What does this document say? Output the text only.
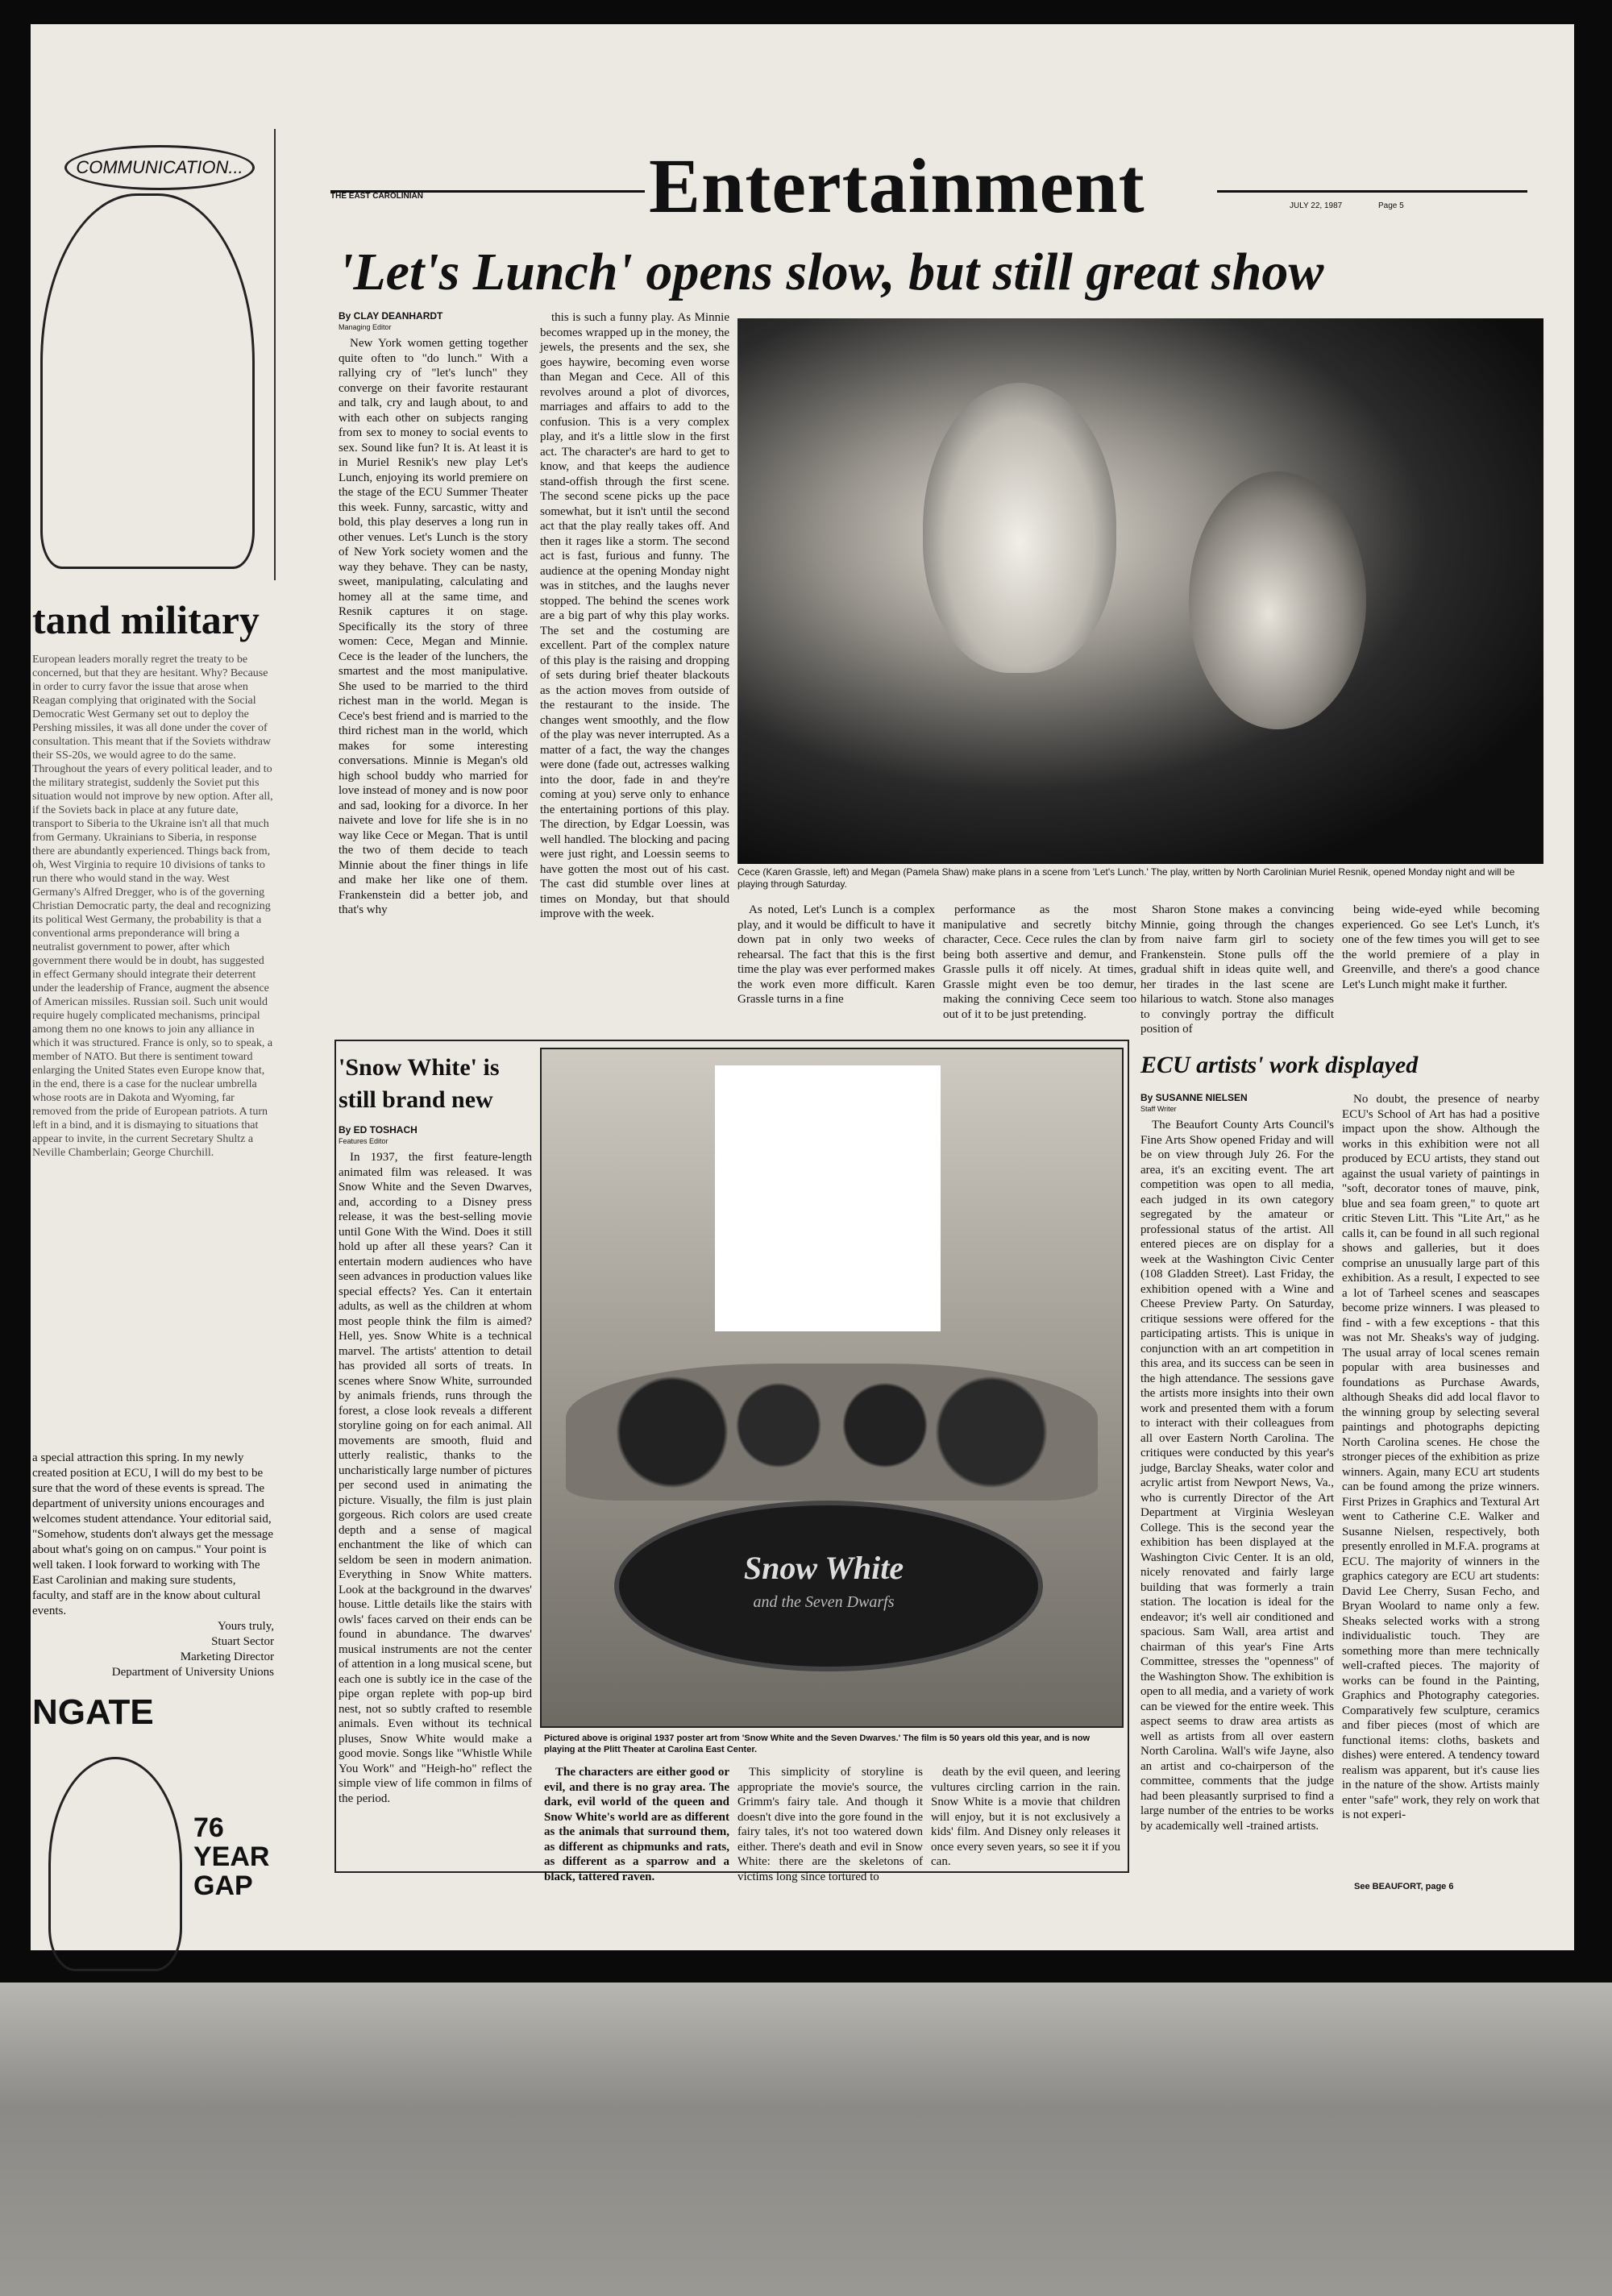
COMMUNICATION...
tand military
European leaders morally regret the treaty to be concerned, but that they are hesitant. Why? Because in order to curry favor the issue that arose when Reagan complying that originated with the Social Democratic West Germany set out to deploy the Pershing missiles, it was all done under the cover of consultation. This meant that if the Soviets withdraw their SS-20s, we would agree to do the same. Throughout the years of every political leader, and to the military strategist, suddenly the Soviet put this situation would not improve by new option. After all, if the Soviets back in place at any future date, transport to Siberia to the Ukraine isn't all that much from Germany. Ukrainians to Siberia, in response there are abundantly experienced. Things back from, oh, West Virginia to require 10 divisions of tanks to run there who would stand in the way. West Germany's Alfred Dregger, who is of the governing Christian Democratic party, the deal and recognizing its political West Germany, the probability is that a conventional arms preponderance will bring a neutralist government to power, after which government there would be in doubt, has suggested in effect Germany should integrate their deterrent under the leadership of France, augment the absence of American missiles. Russian soil. Such unit would require hugely complicated mechanisms, principal among them no one knows to join any alliance in which it was structured. France is only, so to speak, a member of NATO. But there is sentiment toward enlarging the United States even Europe know that, in the end, there is a case for the nuclear umbrella whose roots are in Dakota and Wyoming, far removed from the pride of European patriots. A turn left in a bind, and it is dismaying to situations that appear to invite, in the current Secretary Shultz a Neville Chamberlain; George Churchill.
a special attraction this spring. In my newly created position at ECU, I will do my best to be sure that the word of these events is spread. The department of university unions encourages and welcomes student attendance. Your editorial said, "Somehow, students don't always get the message about what's going on on campus." Your point is well taken. I look forward to working with The East Carolinian and making sure students, faculty, and staff are in the know about cultural events.
Yours truly,
Stuart Sector
Marketing Director
Department of University Unions
NGATE
76
YEAR
GAP
THE EAST CAROLINIAN	Entertainment	JULY 22, 1987	Page 5
'Let's Lunch' opens slow, but still great show
By CLAY DEANHARDT
Managing Editor

New York women getting together quite often to "do lunch." With a rallying cry of "let's lunch" they converge on their favorite restaurant and talk, cry and laugh about, to and with each other on subjects ranging from sex to money to social events to sex. Sound like fun? It is. At least it is in Muriel Resnik's new play Let's Lunch, enjoying its world premiere on the stage of the ECU Summer Theater this week. Funny, sarcastic, witty and bold, this play deserves a long run in other venues. Let's Lunch is the story of New York society women and the way they behave. They can be nasty, sweet, manipulating, calculating and homey all at the same time, and Resnik captures it on stage. Specifically its the story of three women: Cece, Megan and Minnie. Cece is the leader of the lunchers, the smartest and the most manipulative. She used to be married to the third richest man in the world. Megan is Cece's best friend and is married to the third richest man in the world, which makes for some interesting conversations. Minnie is Megan's old high school buddy who married for love instead of money and is now poor and sad, looking for a divorce. In her naivete and love for life she is in no way like Cece or Megan. That is until the two of them decide to teach Minnie about the finer things in life and make her like one of them. Frankenstein did a better job, and that's why

this is such a funny play. As Minnie becomes wrapped up in the money, the jewels, the presents and the sex, she goes haywire, becoming even worse than Megan and Cece. All of this revolves around a plot of divorces, marriages and affairs to add to the confusion. This is a very complex play, and it's a little slow in the first act. The character's are hard to get to know, and that keeps the audience stand-offish through the first scene. The second scene picks up the pace somewhat, but it isn't until the second act that the play really takes off. And then it rages like a storm. The second act is fast, furious and funny. The audience at the opening Monday night was in stitches, and the laughs never stopped. The behind the scenes work are a big part of why this play works. The set and the costuming are excellent. Part of the complex nature of this play is the raising and dropping of sets during brief theater blackouts as the action moves from outside of the restaurant to the inside. The changes went smoothly, and the flow of the play was never interrupted. As a matter of a fact, the way the changes were done (fade out, actresses walking into the door, fade in and they're coming at you) serve only to enhance the entertaining portions of this play. The direction, by Edgar Loessin, was well handled. The blocking and pacing were just right, and Loessin seems to have gotten the most out of his cast. The cast did stumble over lines at times on Monday, but that should improve with the week.

Cece (Karen Grassle, left) and Megan (Pamela Shaw) make plans in a scene from 'Let's Lunch.' The play, written by North Carolinian Muriel Resnik, opened Monday night and will be playing through Saturday.

As noted, Let's Lunch is a complex play, and it would be difficult to have it down pat in only two weeks of rehearsal. The fact that this is the first time the play was ever performed makes the work even more difficult. Karen Grassle turns in a fine

performance as the most manipulative and secretly bitchy character, Cece. Cece rules the clan by being both assertive and demur, and Grassle pulls it off nicely. At times, Grassle might even be too demur, making the conniving Cece seem too out of it to be just pretending.

Sharon Stone makes a convincing Minnie, going through the changes from naive farm girl to society Frankenstein. Stone pulls off the gradual shift in ideas quite well, and her tirades in the last scene are hilarious to watch. Stone also manages to convingly portray the difficult position of

being wide-eyed while becoming experienced. Go see Let's Lunch, it's one of the few times you will get to see the world premiere of a play in Greenville, and there's a good chance Let's Lunch might make it further.

'Snow White' is still brand new
By ED TOSHACH
Features Editor

In 1937, the first feature-length animated film was released. It was Snow White and the Seven Dwarves, and, according to a Disney press release, it was the best-selling movie until Gone With the Wind. Does it still hold up after all these years? Can it entertain modern audiences who have seen advances in production values like special effects? Yes. Can it entertain adults, as well as the children at whom most people think the film is aimed? Hell, yes. Snow White is a technical marvel. The artists' attention to detail has provided all sorts of treats. In scenes where Snow White, surrounded by animals friends, runs through the forest, a close look reveals a different storyline going on for each animal. All movements are smooth, fluid and utterly realistic, thanks to the uncharistically large number of pictures per second used in animating the picture. Visually, the film is just plain gorgeous. Rich colors are used create depth and a sense of magical enchantment the like of which can seldom be seen in modern animation. Everything in Snow White matters. Look at the background in the dwarves' house. Little details like the stairs with owls' faces carved on their ends can be found in abundance. The dwarves' musical instruments are not the center of attention in a long musical scene, but each one is subtly ice in the case of the pipe organ replete with pop-up bird nest, not so subtly crafted to resemble animals. Even without its technical pluses, Snow White would make a good movie. Songs like "Whistle While You Work" and "Heigh-ho" reflect the simple view of life common in films of the period.

Snow White
and the Seven Dwarfs
Pictured above is original 1937 poster art from 'Snow White and the Seven Dwarves.' The film is 50 years old this year, and is now playing at the Plitt Theater at Carolina East Center.

The characters are either good or evil, and there is no gray area. The dark, evil world of the queen and Snow White's world are as different as the animals that surround them, as different as chipmunks and rats, as different as a sparrow and a black, tattered raven.

This simplicity of storyline is appropriate the movie's source, the Grimm's fairy tale. And though it doesn't dive into the gore found in the fairy tales, it's not too watered down either. There's death and evil in Snow White: there are the skeletons of victims long since tortured to

death by the evil queen, and leering vultures circling carrion in the rain. Snow White is a movie that children will enjoy, but it is not exclusively a kids' film. And Disney only releases it once every seven years, so see it if you can.

ECU artists' work displayed
By SUSANNE NIELSEN
Staff Writer

The Beaufort County Arts Council's Fine Arts Show opened Friday and will be on view through July 26. For the area, it's an exciting event. The art competition was open to all media, each judged in its own category segregated by the amateur or professional status of the artist. All entered pieces are on display for a week at the Washington Civic Center (108 Gladden Street). Last Friday, the exhibition opened with a Wine and Cheese Preview Party. On Saturday, critique sessions were offered for the participating artists. This is unique in conjunction with an art competition in this area, and its success can be seen in the high attendance. The sessions gave the artists more insights into their own work and presented them with a forum to interact with their colleagues from all over Eastern North Carolina. The critiques were conducted by this year's judge, Barclay Sheaks, water color and acrylic artist from Newport News, Va., who is currently Director of the Art Department at Virginia Wesleyan College. This is the second year the exhibition has been displayed at the Washington Civic Center. It is an old, nicely renovated and fairly large building that was formerly a train station. The location is ideal for the endeavor; it's well air conditioned and spacious. Sam Wall, area artist and chairman of this year's Fine Arts Committee, stresses the "openness" of the Washington Show. The exhibition is open to all media, and a variety of work can be viewed for the entire week. This aspect seems to draw area artists as well as artists from all over eastern North Carolina. Wall's wife Jayne, also an artist and co-chairperson of the committee, comments that the judge had been pleasantly surprised to find a large number of the entries to be works by academically well -trained artists.

No doubt, the presence of nearby ECU's School of Art has had a positive impact upon the show. Although the works in this exhibition were not all produced by ECU artists, they stand out against the usual variety of paintings in "soft, decorator tones of mauve, pink, blue and sea foam green," to quote art critic Steven Litt. This "Lite Art," as he calls it, can be found in all such regional shows and galleries, but it does comprise an unusually large part of this exhibition. As a result, I expected to see a lot of Tarheel scenes and seascapes become prize winners. I was pleased to find - with a few exceptions - that this was not Mr. Sheaks's way of judging. The usual array of local scenes remain popular with area businesses and foundations as Purchase Awards, although Sheaks did add local flavor to the winning group by selecting several paintings and photographs depicting North Carolina scenes. He chose the stronger pieces of the exhibition as prize winners. Again, many ECU art students can be found among the prize winners. First Prizes in Graphics and Textural Art went to Catherine C.E. Walker and Susanne Nielsen, respectively, both presently enrolled in M.F.A. programs at ECU. The majority of winners in the graphics category are ECU art students: David Lee Cherry, Susan Fecho, and Bryan Woolard to name only a few. Sheaks selected works with a strong individualistic touch. They are something more than mere technically well-crafted pieces. The majority of works can be found in the Painting, Graphics and Photography categories. Comparatively few sculpture, ceramics and fiber pieces (most of which are functional items: cloths, baskets and dishes) were entered. A tendency toward realism was apparent, but it's cause lies in the nature of the show. Artists mainly enter "safe" work, they rely on work that is not experi-

See BEAUFORT, page 6
